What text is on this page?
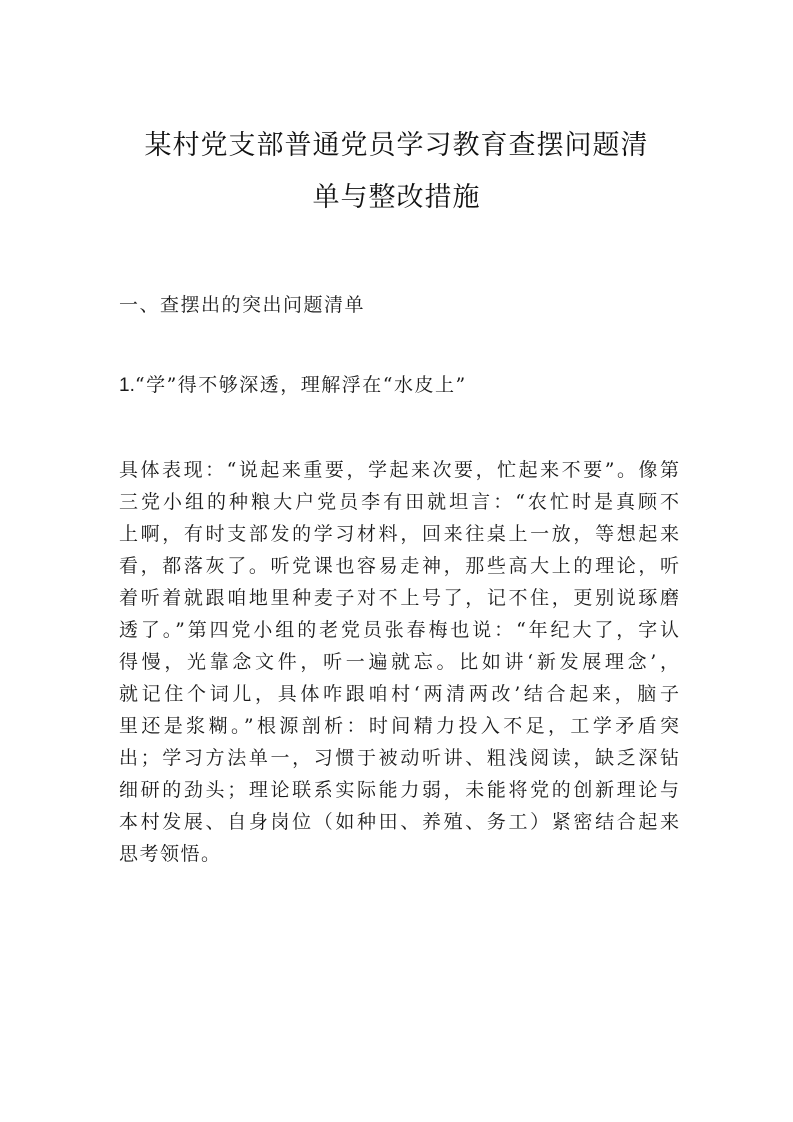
某村党支部普通党员学习教育查摆问题清
单与整改措施
一、查摆出的突出问题清单
1.“学”得不够深透，理解浮在“水皮上”
具体表现：“说起来重要，学起来次要，忙起来不要”。像第
三党小组的种粮大户党员李有田就坦言：“农忙时是真顾不
上啊，有时支部发的学习材料，回来往桌上一放，等想起来
看，都落灰了。听党课也容易走神，那些高大上的理论，听
着听着就跟咱地里种麦子对不上号了，记不住，更别说琢磨
透了。”第四党小组的老党员张春梅也说：“年纪大了，字认
得慢，光靠念文件，听一遍就忘。比如讲‘新发展理念’，
就记住个词儿，具体咋跟咱村‘两清两改’结合起来，脑子
里还是浆糊。”根源剖析：时间精力投入不足，工学矛盾突
出；学习方法单一，习惯于被动听讲、粗浅阅读，缺乏深钻
细研的劲头；理论联系实际能力弱，未能将党的创新理论与
本村发展、自身岗位（如种田、养殖、务工）紧密结合起来
思考领悟。
